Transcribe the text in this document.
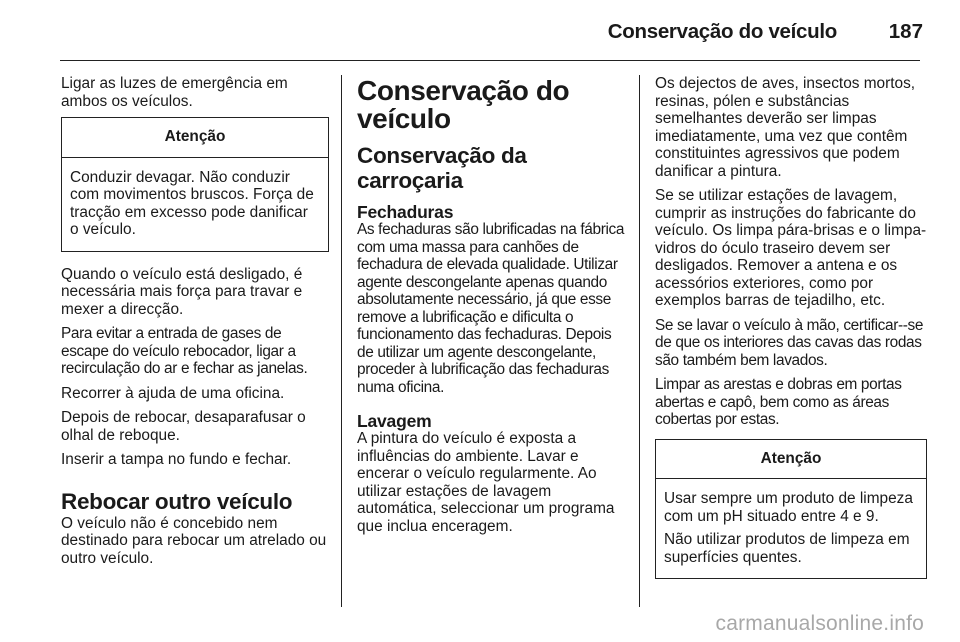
Conservação do veículo	187

Ligar as luzes de emergência em ambos os veículos.

Atenção

Conduzir devagar. Não conduzir com movimentos bruscos. Força de tracção em excesso pode danificar o veículo.

Quando o veículo está desligado, é necessária mais força para travar e mexer a direcção.

Para evitar a entrada de gases de escape do veículo rebocador, ligar a recirculação do ar e fechar as janelas.

Recorrer à ajuda de uma oficina.

Depois de rebocar, desaparafusar o olhal de reboque.

Inserir a tampa no fundo e fechar.

Rebocar outro veículo

O veículo não é concebido nem destinado para rebocar um atrelado ou outro veículo.

Conservação do veículo
Conservação da carroçaria
Fechaduras

As fechaduras são lubrificadas na fábrica com uma massa para canhões de fechadura de elevada qualidade. Utilizar agente descongelante apenas quando absolutamente necessário, já que esse remove a lubrificação e dificulta o funcionamento das fechaduras. Depois de utilizar um agente descongelante, proceder à lubrificação das fechaduras numa oficina.

Lavagem

A pintura do veículo é exposta a influências do ambiente. Lavar e encerar o veículo regularmente. Ao utilizar estações de lavagem automática, seleccionar um programa que inclua enceragem.

Os dejectos de aves, insectos mortos, resinas, pólen e substâncias semelhantes deverão ser limpas imediatamente, uma vez que contêm constituintes agressivos que podem danificar a pintura.

Se se utilizar estações de lavagem, cumprir as instruções do fabricante do veículo. Os limpa pára-brisas e o limpa-vidros do óculo traseiro devem ser desligados. Remover a antena e os acessórios exteriores, como por exemplos barras de tejadilho, etc.

Se se lavar o veículo à mão, certificar--se de que os interiores das cavas das rodas são também bem lavados.

Limpar as arestas e dobras em portas abertas e capô, bem como as áreas cobertas por estas.

Atenção

Usar sempre um produto de limpeza com um pH situado entre 4 e 9.

Não utilizar produtos de limpeza em superfícies quentes.

carmanualsonline.info
